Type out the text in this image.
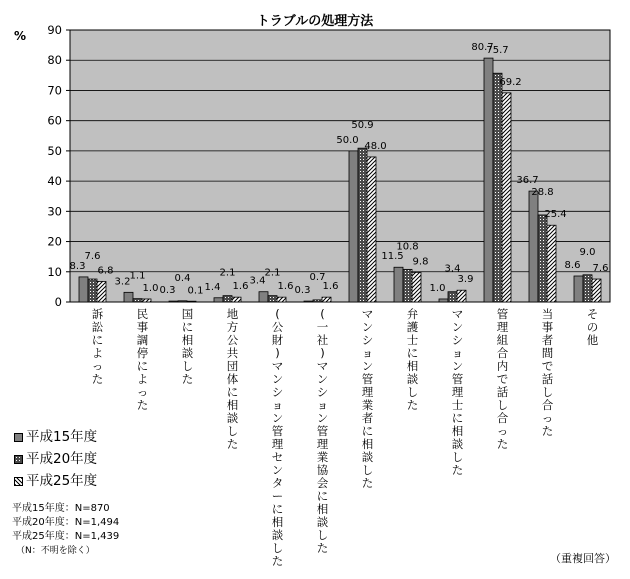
トラブルの処理方法
0
10
20
30
40
50
60
70
80
90
%
8.3
7.6
6.8
3.2
1.1
1.0 0.3
0.4
0.1 1.4
2.1
1.6 3.4
2.1
1.6 0.3
0.7
1.6
50.0
50.9
48.0
11.5
10.8
9.8
1.0
3.4
3.9
80.7
75.7
69.2
36.7
28.8
25.4
8.6
9.0
7.6
訴訟によった
民事調停によった
国に相談した
地方公共団体に相談した
(公財)マンション管理センターに相談した
(一社)マンション管理業協会に相談した
マンション管理業者に相談した
弁護士に相談した
マンション管理士に相談した
管理組合内で話し合った
当事者間で話し合った
その他
平成15年度
平成20年度
平成25年度
平成15年度：N=870
平成20年度：N=1,494
平成25年度：N=1,439
（N：不明を除く）
（重複回答）
